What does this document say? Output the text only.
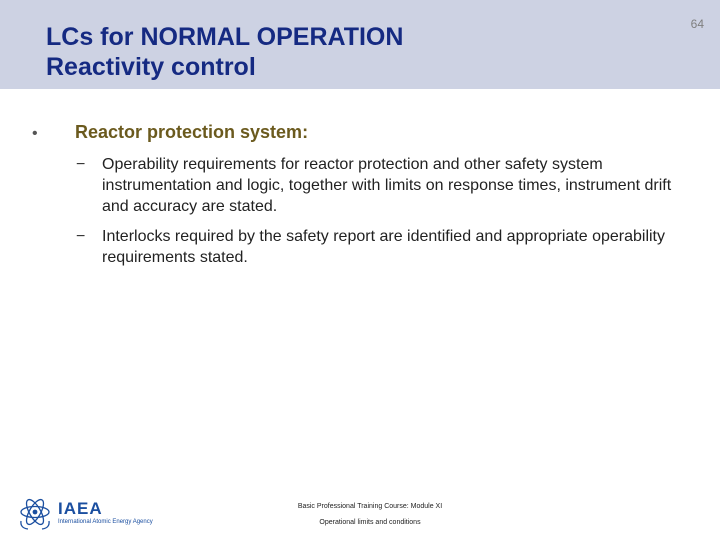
LCs for NORMAL OPERATION
Reactivity control
64
•	Reactor protection system:
−	Operability requirements for reactor protection and other safety system instrumentation and logic, together with limits on response times, instrument drift and accuracy are stated.
−	Interlocks required by the safety report are identified and appropriate operability requirements stated.
IAEA
International Atomic Energy Agency
Basic Professional Training Course: Module XI
Operational limits and conditions
